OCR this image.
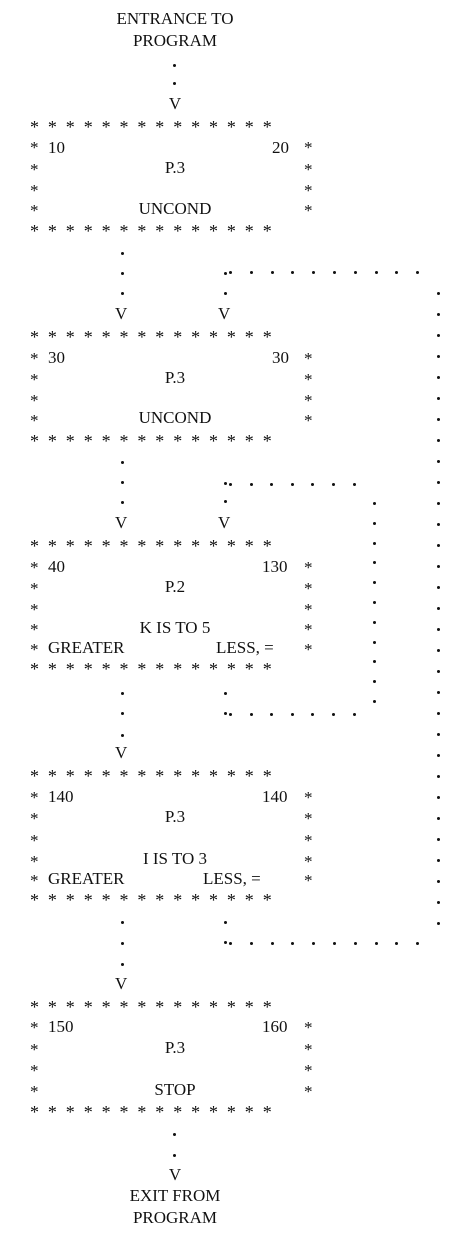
ENTRANCE TO
PROGRAM
V
* * * * * * * * * * * * * *
* 10	20 *
*	P.3	*
*	*
*	UNCOND	*
* * * * * * * * * * * * * *
V	V
* * * * * * * * * * * * * *
* 30	30 *
*	P.3	*
*	*
*	UNCOND	*
* * * * * * * * * * * * * *
V	V
* * * * * * * * * * * * * *
* 40	130 *
*	P.2	*
*	*
*	K IS TO 5	*
* GREATER	LESS, = *
* * * * * * * * * * * * * *
V
* * * * * * * * * * * * * *
* 140	140 *
*	P.3	*
*	*
*	I IS TO 3	*
* GREATER	LESS, =	*
* * * * * * * * * * * * * *
V
* * * * * * * * * * * * * *
* 150	160 *
*	P.3	*
*	*
*	STOP	*
* * * * * * * * * * * * * *
V
EXIT FROM
PROGRAM
